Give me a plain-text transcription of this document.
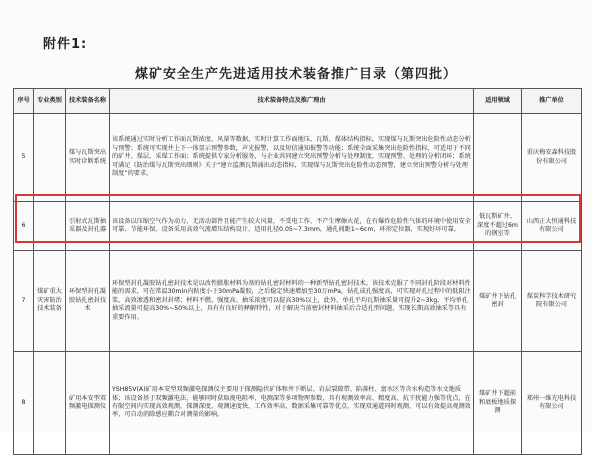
附件1:
煤矿安全生产先进适用技术装备推广目录（第四批）
序号	专业类别	技术装备名称	技术装备特点及推广理由	适用领域	推广单位
5		煤与瓦斯突出实时诊断系统	该系统通过实时分析工作面瓦斯浓度、风量等数据，实时计算工作面地压、瓦斯、煤体结构指标，实现煤与瓦斯突出危险性动态分析与预警；系统可实现井上下一体显示预警参数，声光报警，以及短信通知报警等功能；系统全面采集突出危险性指标，可适用于不同的矿井、煤层、采煤工作面；系统提供专家分析服务，与企业共同建立突出预警分析与处理制度，实现预警、处理的分析闭环；系统可满足《防治煤与瓦斯突出细则》关于“建立监测瓦斯涌出动态指标，实现煤与瓦斯突出危险性动态预警，建立突出预警分析与处理制度”的要求。		重庆梅安森科技股份有限公司
6		引射式瓦斯抽采器及封孔器	该设备以压缩空气作为动力，无活动部件且能产生较大风量，不受电工作，不产生摩擦火花，在有爆炸危险性气体的环境中使用安全可靠、节能环保。设备采用高效气流增压结构设计，适用孔径0.05~7.3mm，通孔间距1~6cm，环形定位器，实现好坏可靠。	低瓦斯矿井、深度不超过6m的钢室等	山西正大恒通科技有限公司
7	煤矿重大灾害防治技术装备	环保型封孔凝胶钻孔密封技术	环保型封孔凝胶钻孔密封技术是以改性膨胀材料为基的钻孔密封材料的一种新型钻孔密封技术。该技术克服了不同封孔阶段对材料性能的需求，可在常温30min内粘度小于30mPa凝胶，之后稳定快速增加至30万mPa，钻孔成孔强度高，可实现对孔过程中的低阻注浆、高效渗透和密封封堵；材料不燃、强度高、抽采浓度可以提高30%以上，此外，单孔平均瓦斯抽采量可提升2~3kg，平均单孔抽采流量可提高30%~50%以上，具有有良好的释解特性，对于解决当前密封材料抽采后合适孔型问题，实现长期高效抽采等具有重要作用。	煤矿井下钻孔密封	煤炭科学技术研究院有限公司
8		矿用本安型双频激电探测仪	YSH85V(A)矿用本安型双频激电探测仪主要用于探测隐伏矿体和井下断层、岩层裂隙带、陷落柱、富水区等含水构造等水文地质体；该设备基于双频激电法，能够同时获取视电阻率、电测深等多项物理参数，具有观测效率高、精度高、抗干扰能力强等优点，在有限空间内实现高效观测，探测深度、观测速度快、工作效率高、数据采集可靠等优点，实现双通道同时观测，可以有效提高观测效率，可自动消除感应耦合对测量的影响。	煤矿井下超前和底板地质探测	郑州一维光电科技有限公司
